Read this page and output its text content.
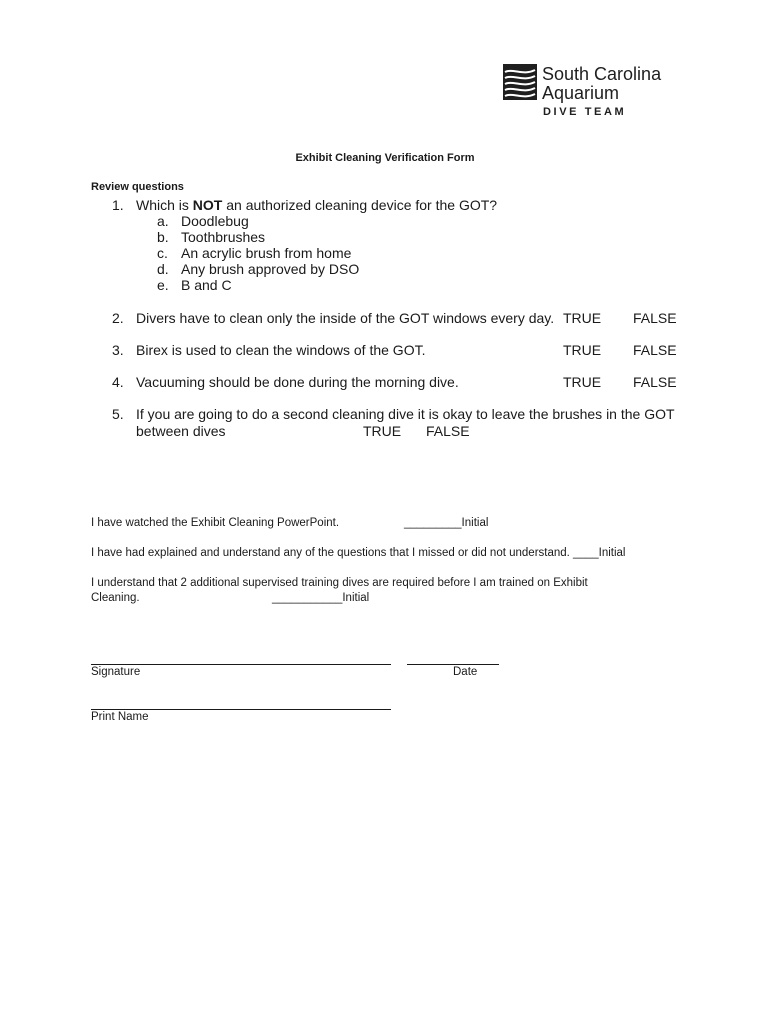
South Carolina
Aquarium
DIVE TEAM
Exhibit Cleaning Verification Form
Review questions
1. Which is NOT an authorized cleaning device for the GOT?
a. Doodlebug
b. Toothbrushes
c. An acrylic brush from home
d. Any brush approved by DSO
e. B and C
2. Divers have to clean only the inside of the GOT windows every day. TRUE FALSE
3. Birex is used to clean the windows of the GOT.	TRUE FALSE
4. Vacuuming should be done during the morning dive.	TRUE FALSE
5. If you are going to do a second cleaning dive it is okay to leave the brushes in the GOT
between dives	TRUE FALSE
I have watched the Exhibit Cleaning PowerPoint.	_________Initial
I have had explained and understand any of the questions that I missed or did not understand. ____Initial
I understand that 2 additional supervised training dives are required before I am trained on Exhibit
Cleaning.	___________Initial
Signature	Date
Print Name
